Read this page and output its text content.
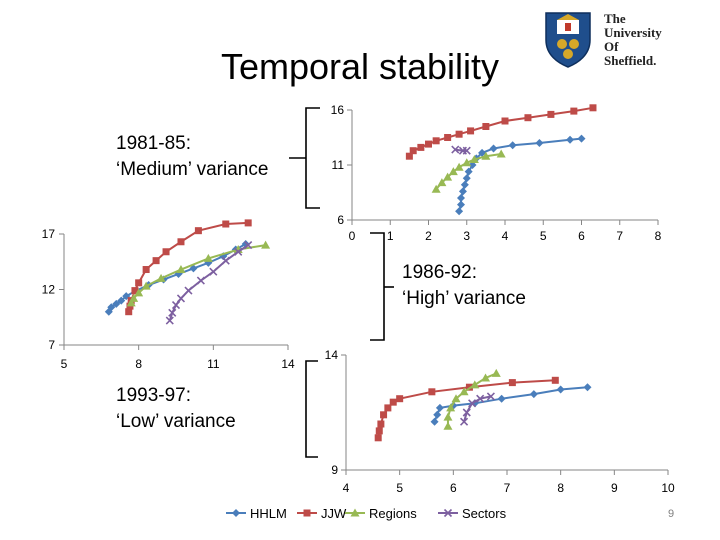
Temporal stability
The
University
Of
Sheffield.
1981-85:
‘Medium’ variance
1986-92:
‘High’ variance
1993-97:
‘Low’ variance
0	1	2	3	4	5	6	7	8
6
11
16
5	8	11	14
7
12
17
4	5	6	7	8	9	10
9
14
HHLM	JJW Regions	Sectors	9
